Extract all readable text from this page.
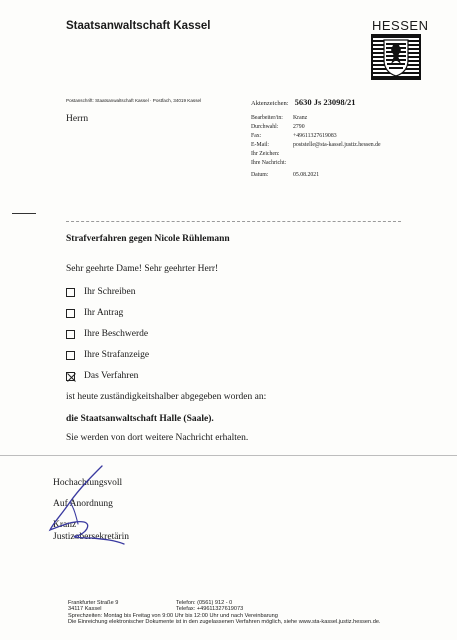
Staatsanwaltschaft Kassel	HESSEN
Postanschrift: Staatsanwaltschaft Kassel · Postfach, 34019 Kassel
Herrn
Aktenzeichen: 5630 Js 23098/21
Bearbeiter/in: Kranz
Durchwahl:	2790
Fax:	+49611327619083
E-Mail:	poststelle@sta-kassel.justiz.hessen.de
Ihr Zeichen:
Ihre Nachricht:
Datum:	05.08.2021
Strafverfahren gegen Nicole Rühlemann
Sehr geehrte Dame! Sehr geehrter Herr!
Ihr Schreiben
Ihr Antrag
Ihre Beschwerde
Ihre Strafanzeige
Das Verfahren
ist heute zuständigkeitshalber abgegeben worden an:
die Staatsanwaltschaft Halle (Saale).
Sie werden von dort weitere Nachricht erhalten.
Hochachtungsvoll
Auf Anordnung
Kranz
Justizobersekretärin
Frankfurter Straße 9	Telefon: (0561) 912 - 0
34117 Kassel	Telefax: +49611327619073
Sprechzeiten: Montag bis Freitag von 9:00 Uhr bis 12:00 Uhr und nach Vereinbarung
Die Einreichung elektronischer Dokumente ist in den zugelassenen Verfahren möglich, siehe www.sta-kassel.justiz.hessen.de.
